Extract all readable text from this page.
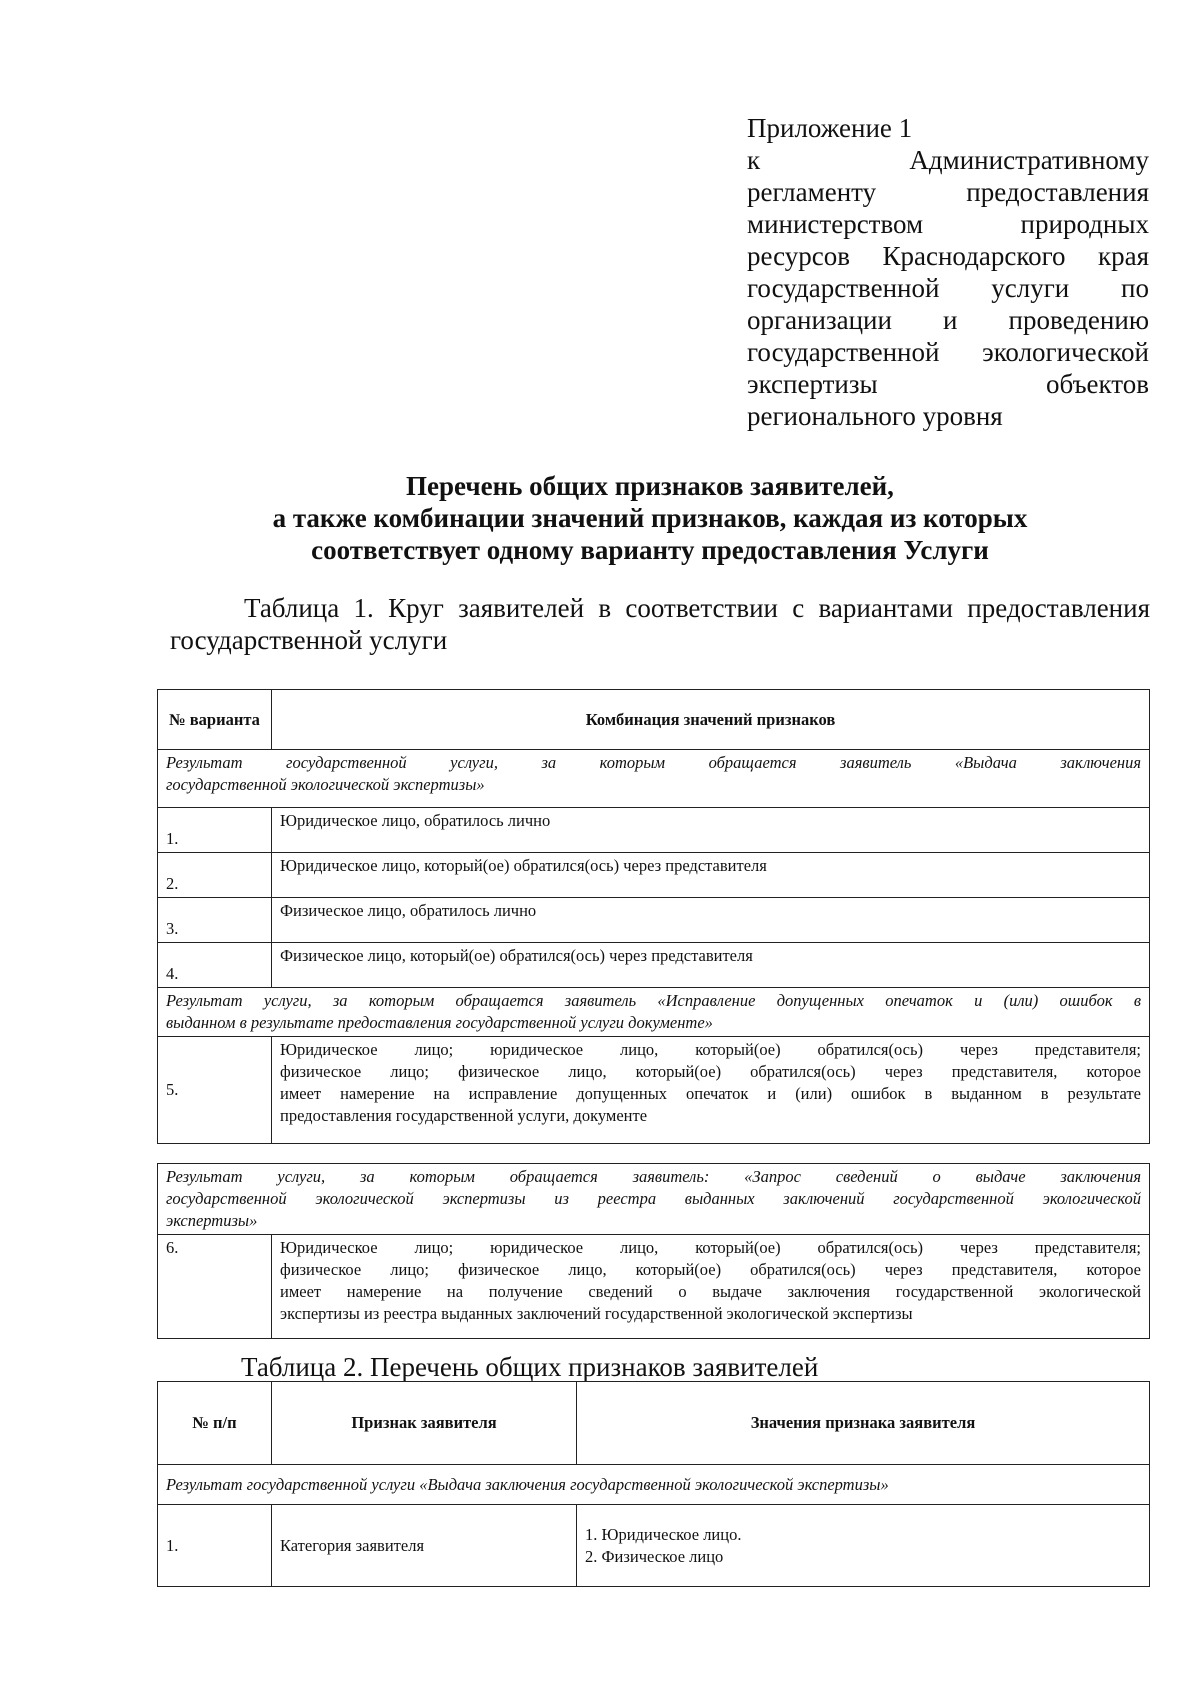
Приложение 1
к Административному
регламенту предоставления
министерством природных
ресурсов Краснодарского края
государственной услуги по
организации и проведению
государственной экологической
экспертизы объектов
регионального уровня
Перечень общих признаков заявителей,
а также комбинации значений признаков, каждая из которых
соответствует одному варианту предоставления Услуги
Таблица 1. Круг заявителей в соответствии с вариантами предоставления
государственной услуги
№ варианта	Комбинация значений признаков

Результат государственной услуги, за которым обращается заявитель «Выдача заключения
государственной экологической экспертизы»	
1.	Юридическое лицо, обратилось лично
2.	Юридическое лицо, который(ое) обратился(ось) через представителя
3.	Физическое лицо, обратилось лично
4.	Физическое лицо, который(ое) обратился(ось) через представителя

Результат услуги, за которым обращается заявитель «Исправление допущенных опечаток и (или) ошибок в
выданном в результате предоставления государственной услуги документе»	
5.	Юридическое лицо; юридическое лицо, который(ое) обратился(ось) через представителя;
физическое лицо; физическое лицо, который(ое) обратился(ось) через представителя, которое
имеет намерение на исправление допущенных опечаток и (или) ошибок в выданном в результате
предоставления государственной услуги, документе
Результат услуги, за которым обращается заявитель: «Запрос сведений о выдаче заключения
государственной экологической экспертизы из реестра выданных заключений государственной экологической
экспертизы»
6.	Юридическое лицо; юридическое лицо, который(ое) обратился(ось) через представителя;
физическое лицо; физическое лицо, который(ое) обратился(ось) через представителя, которое
имеет намерение на получение сведений о выдаче заключения государственной экологической
экспертизы из реестра выданных заключений государственной экологической экспертизы
Таблица 2. Перечень общих признаков заявителей
№ п/п	Признак заявителя	Значения признака заявителя
Результат государственной услуги «Выдача заключения государственной экологической экспертизы»		
1.	Категория заявителя	1. Юридическое лицо.
2. Физическое лицо
